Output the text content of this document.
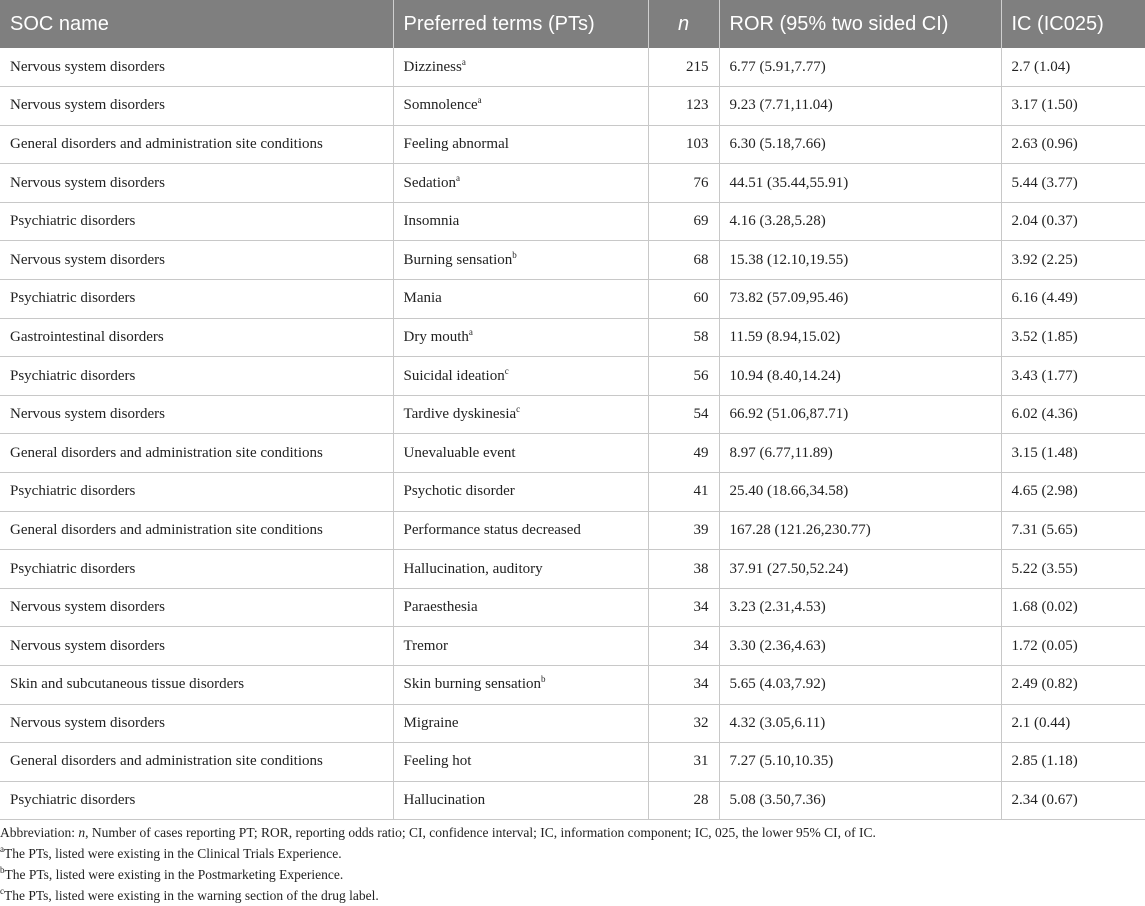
SOC name	Preferred terms (PTs)	n	ROR (95% two sided CI)	IC (IC025)
Nervous system disorders	Dizziness$^a$	215	6.77 (5.91,7.77)	2.7 (1.04)
Nervous system disorders	Somnolence$^a$	123	9.23 (7.71,11.04)	3.17 (1.50)
General disorders and administration site conditions	Feeling abnormal	103	6.30 (5.18,7.66)	2.63 (0.96)
Nervous system disorders	Sedation$^a$	76	44.51 (35.44,55.91)	5.44 (3.77)
Psychiatric disorders	Insomnia	69	4.16 (3.28,5.28)	2.04 (0.37)
Nervous system disorders	Burning sensation$^b$	68	15.38 (12.10,19.55)	3.92 (2.25)
Psychiatric disorders	Mania	60	73.82 (57.09,95.46)	6.16 (4.49)
Gastrointestinal disorders	Dry mouth$^a$	58	11.59 (8.94,15.02)	3.52 (1.85)
Psychiatric disorders	Suicidal ideation$^c$	56	10.94 (8.40,14.24)	3.43 (1.77)
Nervous system disorders	Tardive dyskinesia$^c$	54	66.92 (51.06,87.71)	6.02 (4.36)
General disorders and administration site conditions	Unevaluable event	49	8.97 (6.77,11.89)	3.15 (1.48)
Psychiatric disorders	Psychotic disorder	41	25.40 (18.66,34.58)	4.65 (2.98)
General disorders and administration site conditions	Performance status decreased	39	167.28 (121.26,230.77)	7.31 (5.65)
Psychiatric disorders	Hallucination, auditory	38	37.91 (27.50,52.24)	5.22 (3.55)
Nervous system disorders	Paraesthesia	34	3.23 (2.31,4.53)	1.68 (0.02)
Nervous system disorders	Tremor	34	3.30 (2.36,4.63)	1.72 (0.05)
Skin and subcutaneous tissue disorders	Skin burning sensation$^b$	34	5.65 (4.03,7.92)	2.49 (0.82)
Nervous system disorders	Migraine	32	4.32 (3.05,6.11)	2.1 (0.44)
General disorders and administration site conditions	Feeling hot	31	7.27 (5.10,10.35)	2.85 (1.18)
Psychiatric disorders	Hallucination	28	5.08 (3.50,7.36)	2.34 (0.67)

Abbreviation: n, Number of cases reporting PT; ROR, reporting odds ratio; CI, confidence interval; IC, information component; IC, 025, the lower 95% CI, of IC.

$^a$The PTs, listed were existing in the Clinical Trials Experience.

$^b$The PTs, listed were existing in the Postmarketing Experience.

$^c$The PTs, listed were existing in the warning section of the drug label.
